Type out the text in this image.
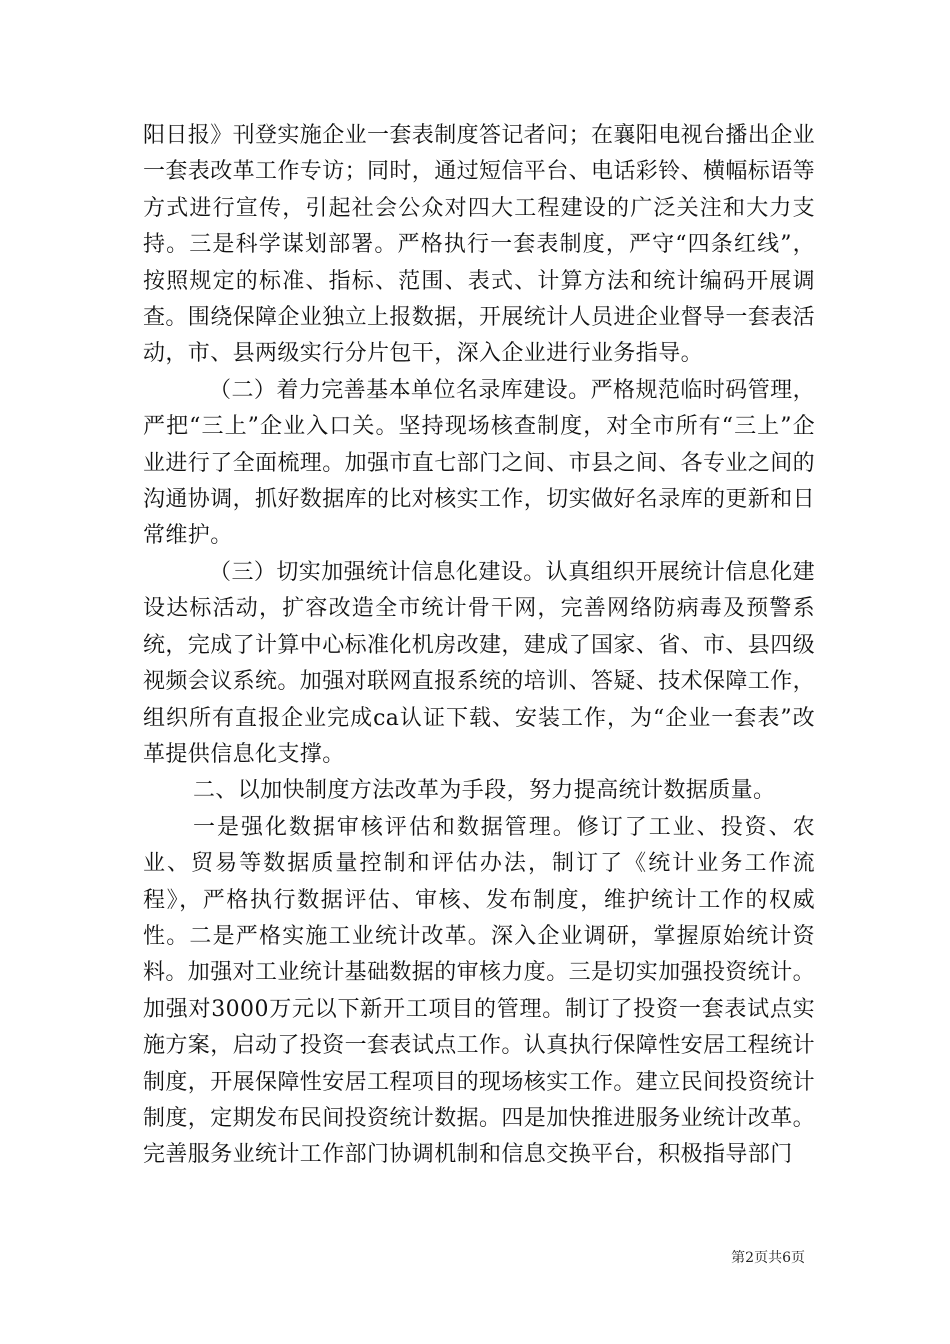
阳日报》刊登实施企业一套表制度答记者问；在襄阳电视台播出企业一套表改革工作专访；同时，通过短信平台、电话彩铃、横幅标语等方式进行宣传，引起社会公众对四大工程建设的广泛关注和大力支持。三是科学谋划部署。严格执行一套表制度，严守“四条红线”，按照规定的标准、指标、范围、表式、计算方法和统计编码开展调查。围绕保障企业独立上报数据，开展统计人员进企业督导一套表活动，市、县两级实行分片包干，深入企业进行业务指导。

（二）着力完善基本单位名录库建设。严格规范临时码管理，严把“三上”企业入口关。坚持现场核查制度，对全市所有“三上”企业进行了全面梳理。加强市直七部门之间、市县之间、各专业之间的沟通协调，抓好数据库的比对核实工作，切实做好名录库的更新和日常维护。

（三）切实加强统计信息化建设。认真组织开展统计信息化建设达标活动，扩容改造全市统计骨干网，完善网络防病毒及预警系统，完成了计算中心标准化机房改建，建成了国家、省、市、县四级视频会议系统。加强对联网直报系统的培训、答疑、技术保障工作，组织所有直报企业完成ca认证下载、安装工作，为“企业一套表”改革提供信息化支撑。

二、以加快制度方法改革为手段，努力提高统计数据质量。

一是强化数据审核评估和数据管理。修订了工业、投资、农业、贸易等数据质量控制和评估办法，制订了《统计业务工作流程》，严格执行数据评估、审核、发布制度，维护统计工作的权威性。二是严格实施工业统计改革。深入企业调研，掌握原始统计资料。加强对工业统计基础数据的审核力度。三是切实加强投资统计。加强对3000万元以下新开工项目的管理。制订了投资一套表试点实施方案，启动了投资一套表试点工作。认真执行保障性安居工程统计制度，开展保障性安居工程项目的现场核实工作。建立民间投资统计制度，定期发布民间投资统计数据。四是加快推进服务业统计改革。完善服务业统计工作部门协调机制和信息交换平台，积极指导部门

第2页共6页
